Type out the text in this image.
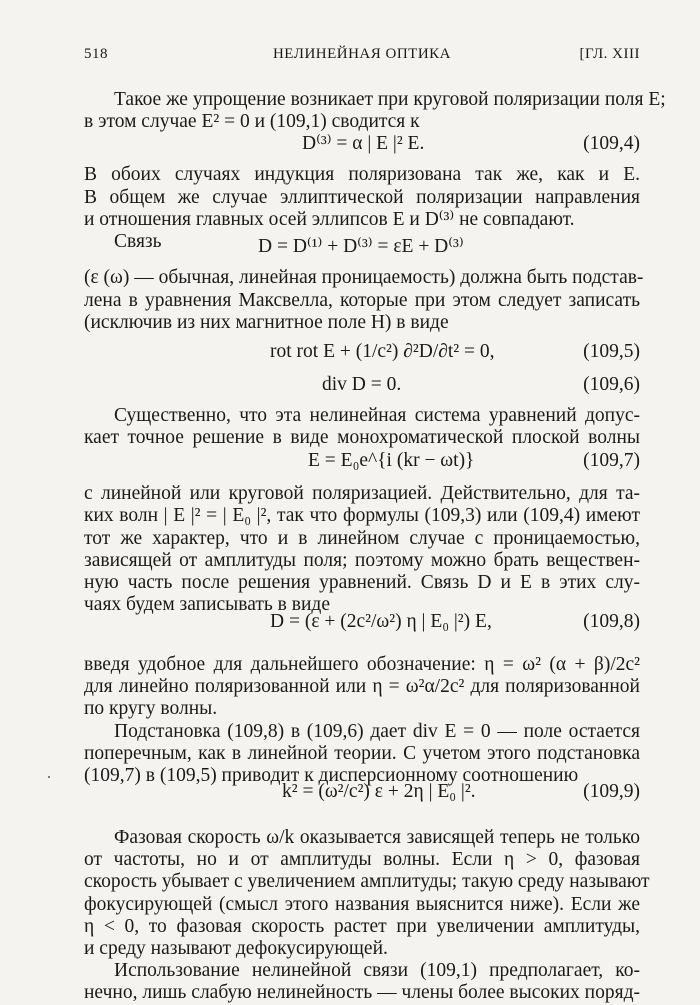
518	НЕЛИНЕЙНАЯ ОПТИКА	[ГЛ. XIII
Такое же упрощение возникает при круговой поляризации поля E;
в этом случае E² = 0 и (109,1) сводится к
D⁽³⁾ = α | E |² E.	(109,4)
В обоих случаях индукция поляризована так же, как и E.
В общем же случае эллиптической поляризации направления
и отношения главных осей эллипсов E и D⁽³⁾ не совпадают.
Связь	D = D⁽¹⁾ + D⁽³⁾ = εE + D⁽³⁾
(ε (ω) — обычная, линейная проницаемость) должна быть подстав-
лена в уравнения Максвелла, которые при этом следует записать
(исключив из них магнитное поле H) в виде
rot rot E + (1/c²) ∂²D/∂t² = 0,	(109,5)
div D = 0.	(109,6)
Существенно, что эта нелинейная система уравнений допус-
кает точное решение в виде монохроматической плоской волны
E = E₀e^{i (kr − ωt)}	(109,7)
с линейной или круговой поляризацией. Действительно, для та-
ких волн | E |² = | E₀ |², так что формулы (109,3) или (109,4) имеют
тот же характер, что и в линейном случае с проницаемостью,
зависящей от амплитуды поля; поэтому можно брать веществен-
ную часть после решения уравнений. Связь D и E в этих слу-
чаях будем записывать в виде
D = (ε + (2c²/ω²) η | E₀ |²) E,	(109,8)
введя удобное для дальнейшего обозначение: η = ω² (α + β)/2c²
для линейно поляризованной или η = ω²α/2c² для поляризованной
по кругу волны.
Подстановка (109,8) в (109,6) дает div E = 0 — поле остается
поперечным, как в линейной теории. С учетом этого подстановка
(109,7) в (109,5) приводит к дисперсионному соотношению
k² = (ω²/c²) ε + 2η | E₀ |².	(109,9)
Фазовая скорость ω/k оказывается зависящей теперь не только
от частоты, но и от амплитуды волны. Если η > 0, фазовая
скорость убывает с увеличением амплитуды; такую среду называют
фокусирующей (смысл этого названия выяснится ниже). Если же
η < 0, то фазовая скорость растет при увеличении амплитуды,
и среду называют дефокусирующей.
Использование нелинейной связи (109,1) предполагает, ко-
нечно, лишь слабую нелинейность — члены более высоких поряд-
